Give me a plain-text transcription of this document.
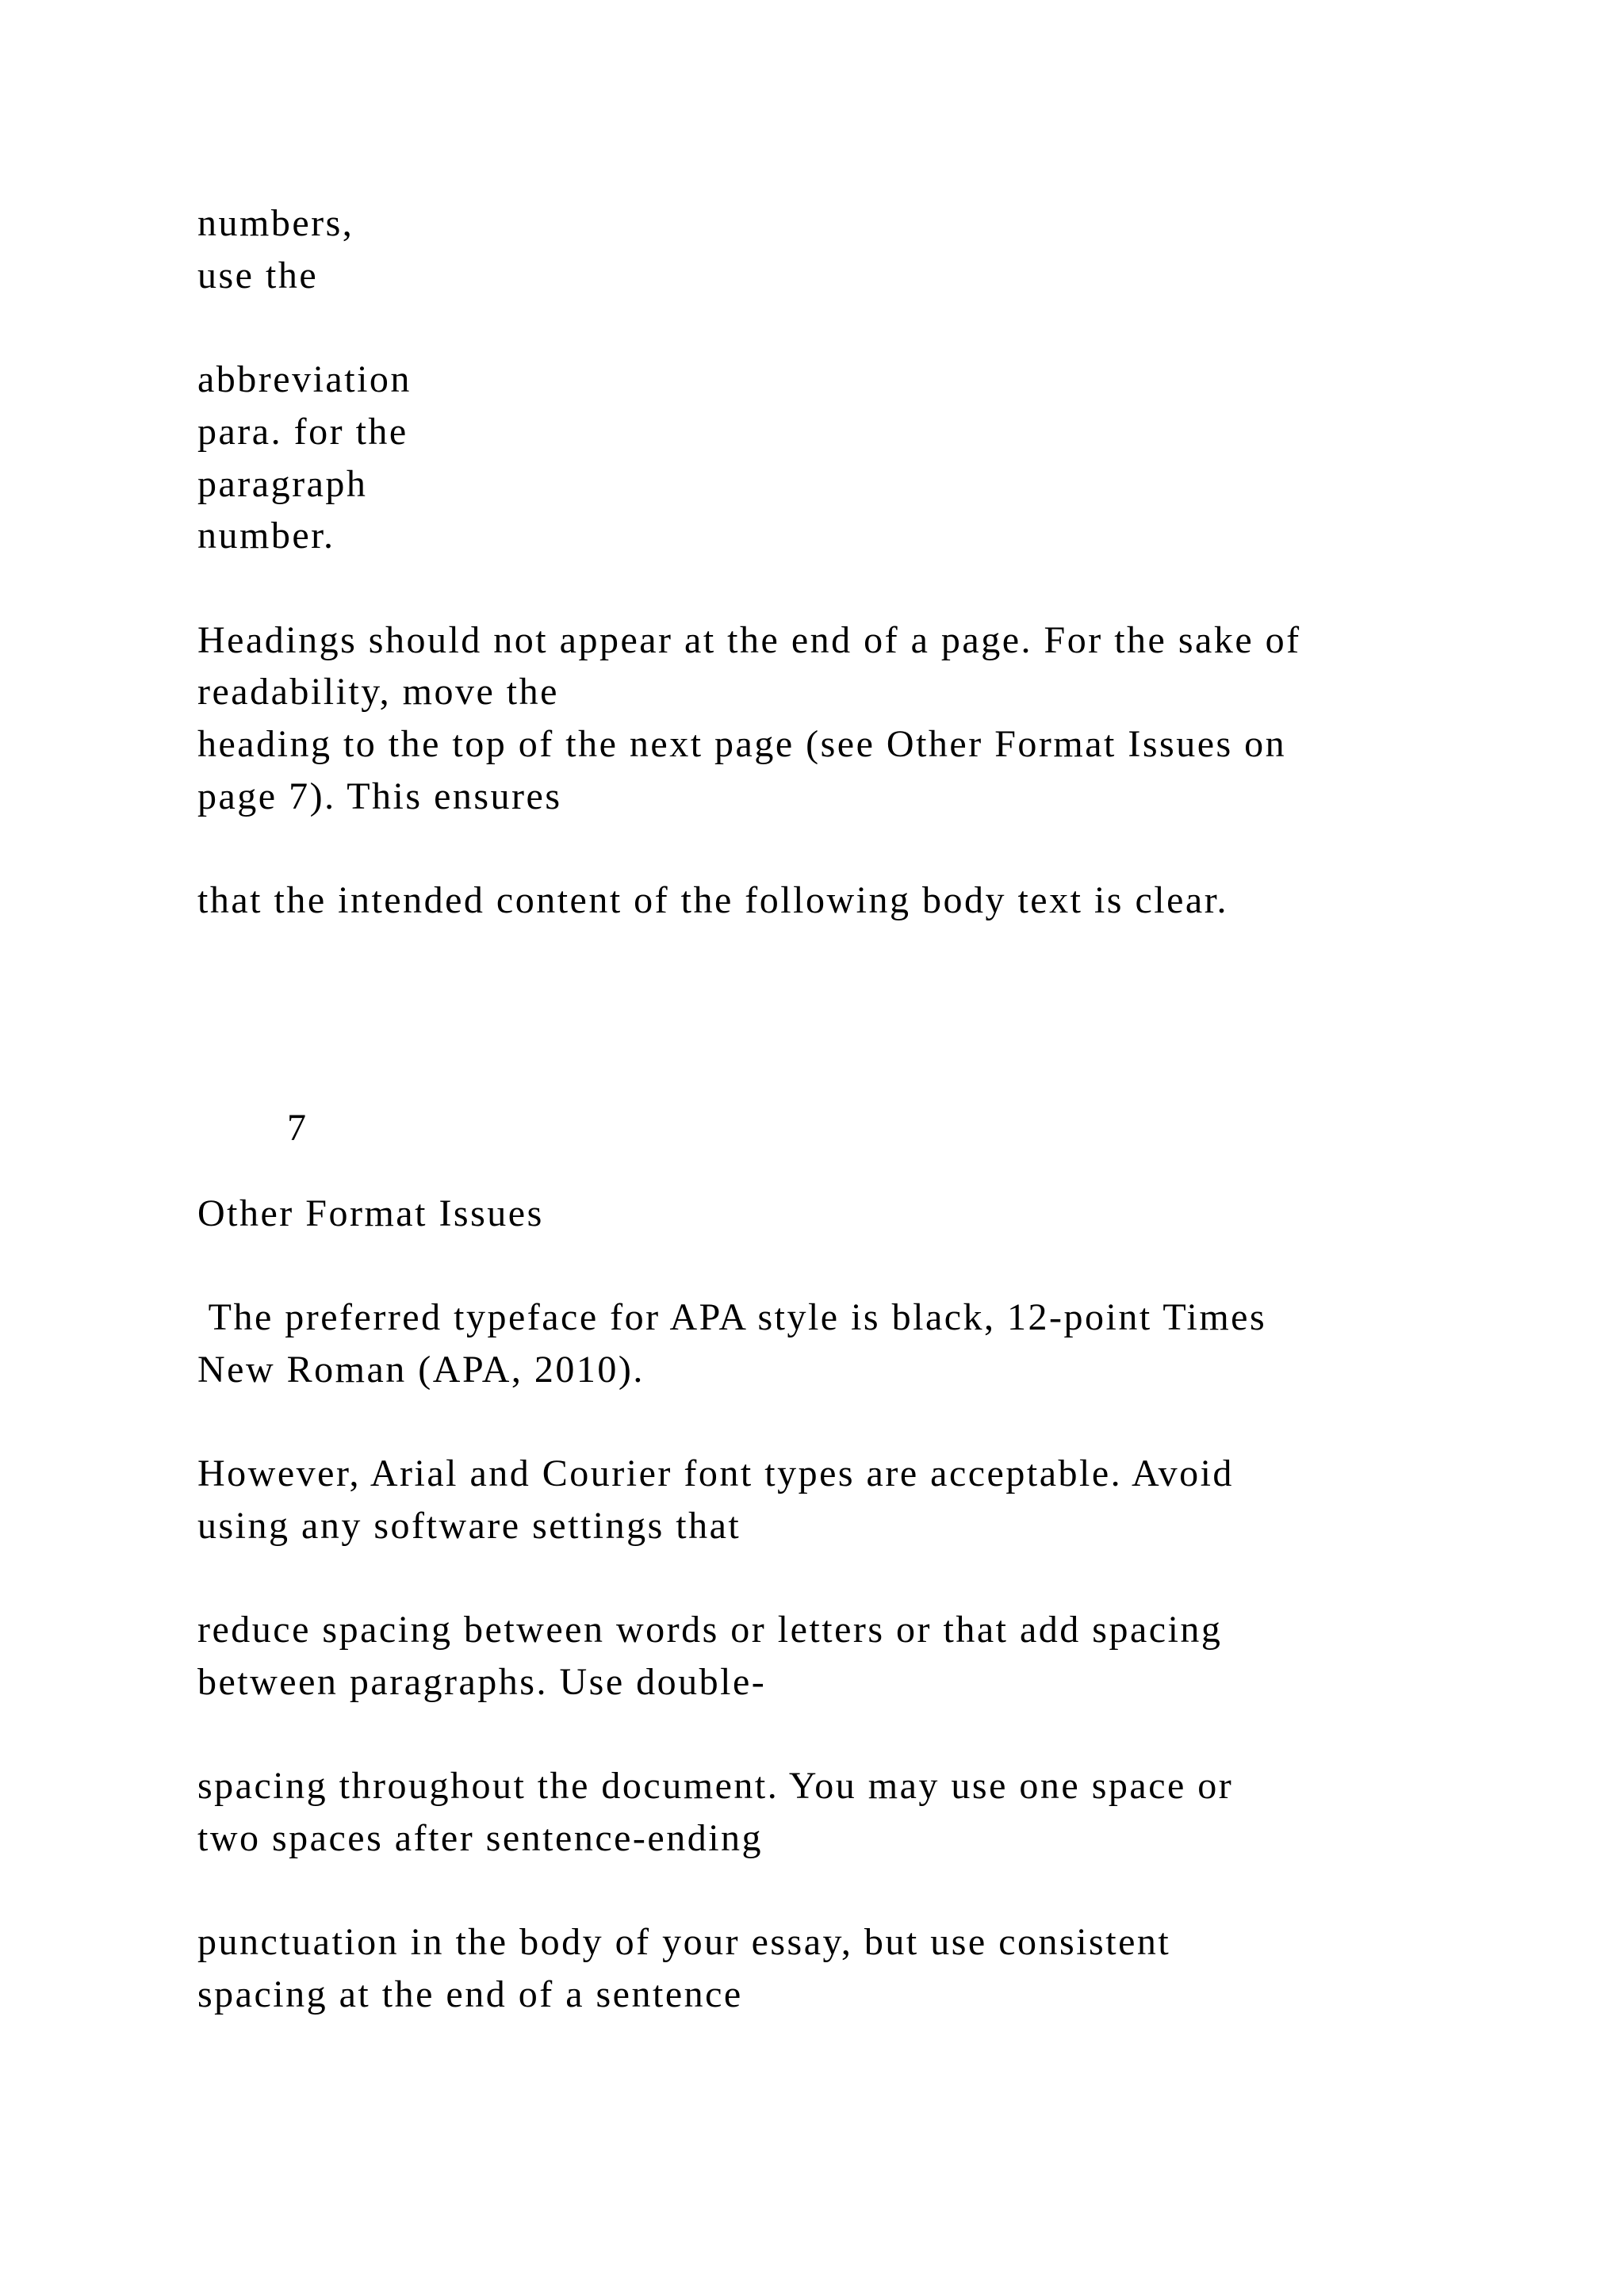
numbers,

use the

abbreviation

para. for the

paragraph

number.

Headings should not appear at the end of a page. For the sake of

readability, move the

heading to the top of the next page (see Other Format Issues on

page 7). This ensures

that the intended content of the following body text is clear.

7

Other Format Issues

The preferred typeface for APA style is black, 12-point Times

New Roman (APA, 2010).

However, Arial and Courier font types are acceptable. Avoid

using any software settings that

reduce spacing between words or letters or that add spacing

between paragraphs. Use double-

spacing throughout the document. You may use one space or

two spaces after sentence-ending

punctuation in the body of your essay, but use consistent

spacing at the end of a sentence
